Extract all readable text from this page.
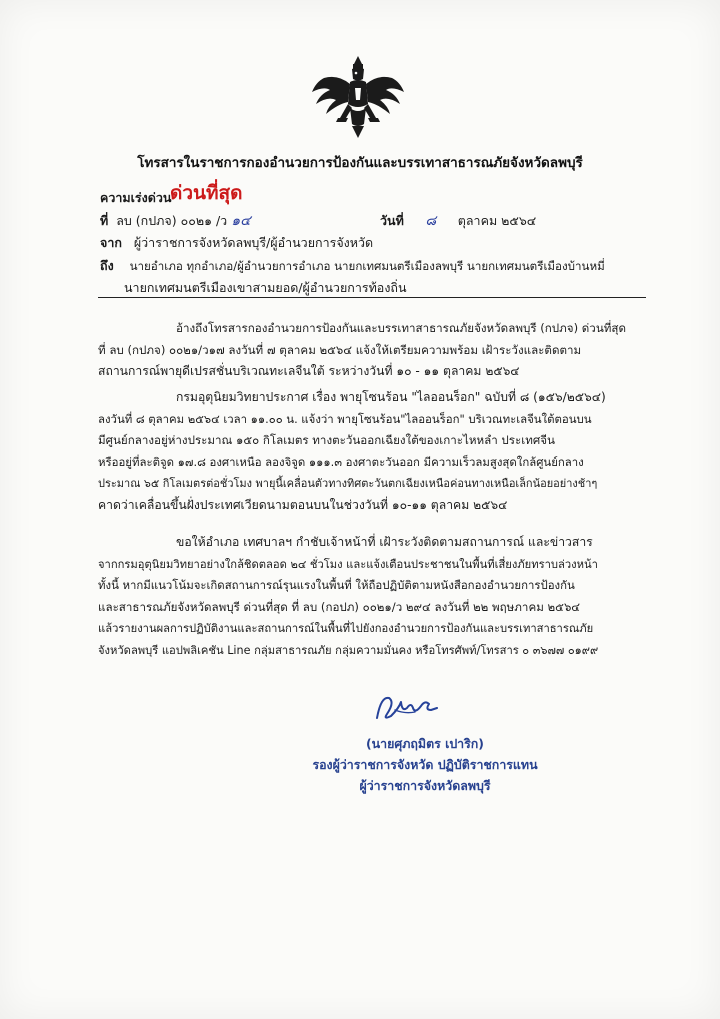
โทรสารในราชการกองอำนวยการป้องกันและบรรเทาสาธารณภัยจังหวัดลพบุรี
ความเร่งด่วน
ด่วนที่สุด
ที่ ลบ (กปภจ) ๐๐๒๑ /ว ๑๔	วันที่ ๘ ตุลาคม ๒๕๖๔
จาก ผู้ว่าราชการจังหวัดลพบุรี/ผู้อำนวยการจังหวัด
ถึง นายอำเภอ ทุกอำเภอ/ผู้อำนวยการอำเภอ นายกเทศมนตรีเมืองลพบุรี นายกเทศมนตรีเมืองบ้านหมี่
นายกเทศมนตรีเมืองเขาสามยอด/ผู้อำนวยการท้องถิ่น

อ้างถึงโทรสารกองอำนวยการป้องกันและบรรเทาสาธารณภัยจังหวัดลพบุรี (กปภจ) ด่วนที่สุด

ที่ ลบ (กปภจ) ๐๐๒๑/ว๑๗ ลงวันที่ ๗ ตุลาคม ๒๕๖๔ แจ้งให้เตรียมความพร้อม เฝ้าระวังและติดตาม

สถานการณ์พายุดีเปรสชั่นบริเวณทะเลจีนใต้ ระหว่างวันที่ ๑๐ - ๑๑ ตุลาคม ๒๕๖๔

กรมอุตุนิยมวิทยาประกาศ เรื่อง พายุโซนร้อน "ไลออนร็อก" ฉบับที่ ๘ (๑๕๖/๒๕๖๔)

ลงวันที่ ๘ ตุลาคม ๒๕๖๔ เวลา ๑๑.๐๐ น. แจ้งว่า พายุโซนร้อน"ไลออนร็อก" บริเวณทะเลจีนใต้ตอนบน

มีศูนย์กลางอยู่ห่างประมาณ ๑๕๐ กิโลเมตร ทางตะวันออกเฉียงใต้ของเกาะไหหลำ ประเทศจีน

หรืออยู่ที่ละติจูด ๑๗.๘ องศาเหนือ ลองจิจูด ๑๑๑.๓ องศาตะวันออก มีความเร็วลมสูงสุดใกล้ศูนย์กลาง

ประมาณ ๖๕ กิโลเมตรต่อชั่วโมง พายุนี้เคลื่อนตัวทางทิศตะวันตกเฉียงเหนือค่อนทางเหนือเล็กน้อยอย่างช้าๆ

คาดว่าเคลื่อนขึ้นฝั่งประเทศเวียดนามตอนบนในช่วงวันที่ ๑๐-๑๑ ตุลาคม ๒๕๖๔

ขอให้อำเภอ เทศบาลฯ กำชับเจ้าหน้าที่ เฝ้าระวังติดตามสถานการณ์ และข่าวสาร

จากกรมอุตุนิยมวิทยาอย่างใกล้ชิดตลอด ๒๔ ชั่วโมง และแจ้งเตือนประชาชนในพื้นที่เสี่ยงภัยทราบล่วงหน้า

ทั้งนี้ หากมีแนวโน้มจะเกิดสถานการณ์รุนแรงในพื้นที่ ให้ถือปฏิบัติตามหนังสือกองอำนวยการป้องกัน

และสาธารณภัยจังหวัดลพบุรี ด่วนที่สุด ที่ ลบ (กอปภ) ๐๐๒๑/ว ๒๙๔ ลงวันที่ ๒๒ พฤษภาคม ๒๕๖๔

แล้วรายงานผลการปฏิบัติงานและสถานการณ์ในพื้นที่ไปยังกองอำนวยการป้องกันและบรรเทาสาธารณภัย

จังหวัดลพบุรี แอปพลิเคชัน Line กลุ่มสาธารณภัย กลุ่มความมั่นคง หรือโทรศัพท์/โทรสาร ๐ ๓๖๗๗ ๐๑๙๙

(นายศุภฤมิตร เปาริก)
รองผู้ว่าราชการจังหวัด ปฏิบัติราชการแทน
ผู้ว่าราชการจังหวัดลพบุรี
